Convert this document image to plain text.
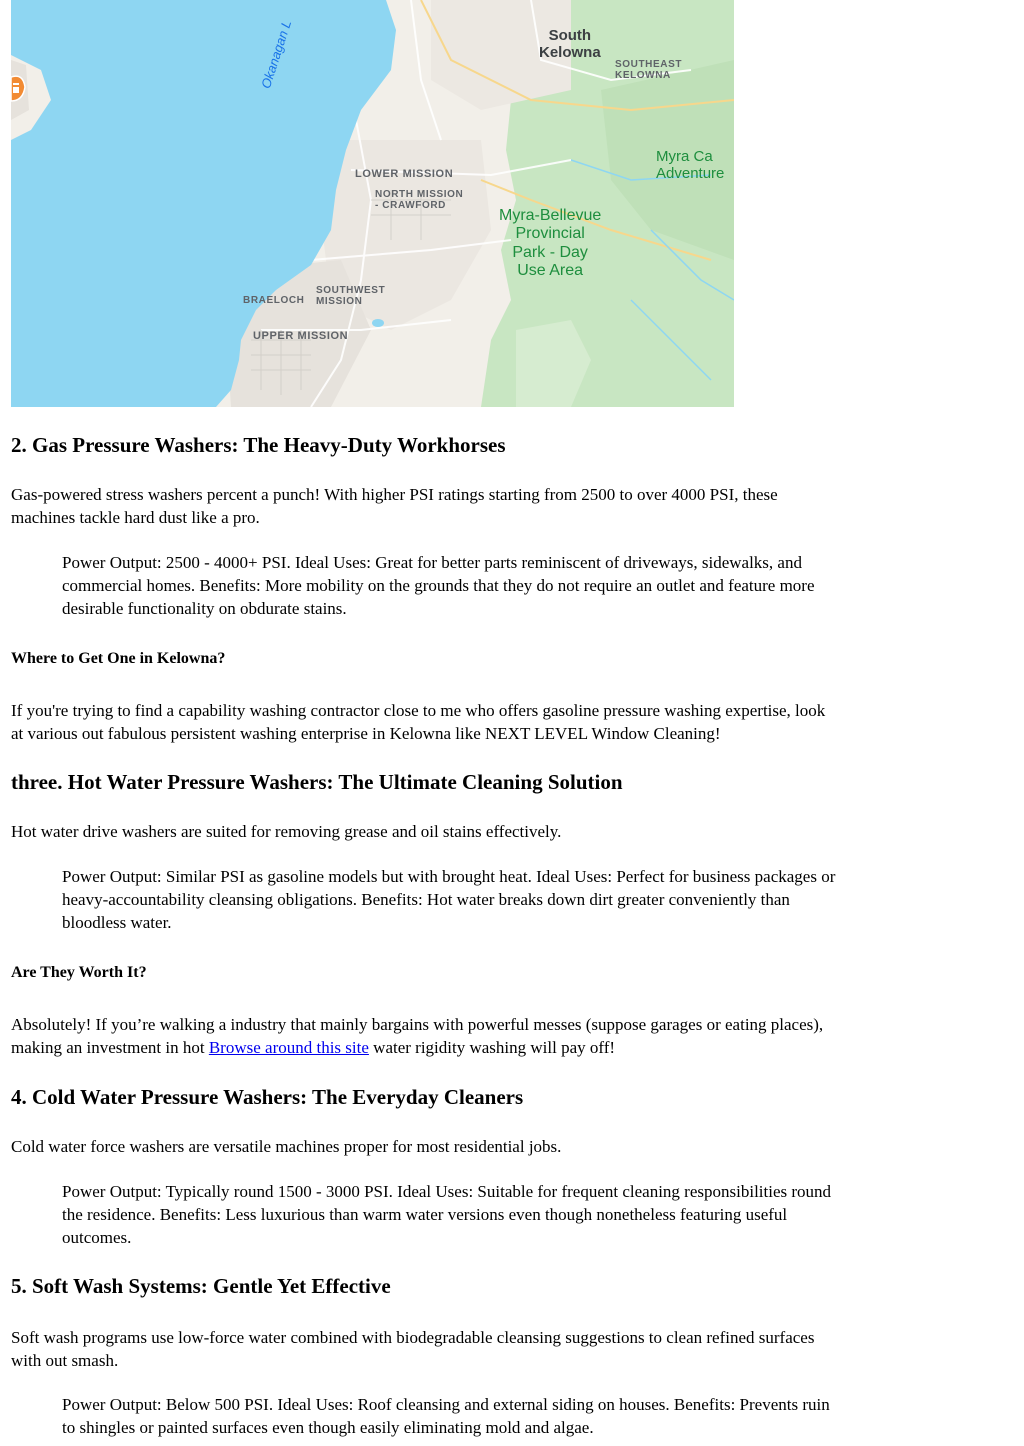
Okanagan L	South
Kelowna
SOUTHEAST
KELOWNA
Myra Ca
Adventure
LOWER MISSION
NORTH MISSION
- CRAWFORD
Myra-Bellevue
Provincial
Park - Day
Use Area
SOUTHWEST
MISSION
BRAELOCH
UPPER MISSION
2. Gas Pressure Washers: The Heavy-Duty Workhorses

Gas-powered stress washers percent a punch! With higher PSI ratings starting from 2500 to over 4000 PSI, these
machines tackle hard dust like a pro.

Power Output: 2500 - 4000+ PSI. Ideal Uses: Great for better parts reminiscent of driveways, sidewalks, and
commercial homes. Benefits: More mobility on the grounds that they do not require an outlet and feature more
desirable functionality on obdurate stains.

Where to Get One in Kelowna?

If you're trying to find a capability washing contractor close to me who offers gasoline pressure washing expertise, look
at various out fabulous persistent washing enterprise in Kelowna like NEXT LEVEL Window Cleaning!

three. Hot Water Pressure Washers: The Ultimate Cleaning Solution

Hot water drive washers are suited for removing grease and oil stains effectively.

Power Output: Similar PSI as gasoline models but with brought heat. Ideal Uses: Perfect for business packages or
heavy-accountability cleansing obligations. Benefits: Hot water breaks down dirt greater conveniently than
bloodless water.

Are They Worth It?

Absolutely! If you’re walking a industry that mainly bargains with powerful messes (suppose garages or eating places),
making an investment in hot Browse around this site water rigidity washing will pay off!

4. Cold Water Pressure Washers: The Everyday Cleaners

Cold water force washers are versatile machines proper for most residential jobs.

Power Output: Typically round 1500 - 3000 PSI. Ideal Uses: Suitable for frequent cleaning responsibilities round
the residence. Benefits: Less luxurious than warm water versions even though nonetheless featuring useful
outcomes.

5. Soft Wash Systems: Gentle Yet Effective

Soft wash programs use low-force water combined with biodegradable cleansing suggestions to clean refined surfaces
with out smash.

Power Output: Below 500 PSI. Ideal Uses: Roof cleansing and external siding on houses. Benefits: Prevents ruin
to shingles or painted surfaces even though easily eliminating mold and algae.
